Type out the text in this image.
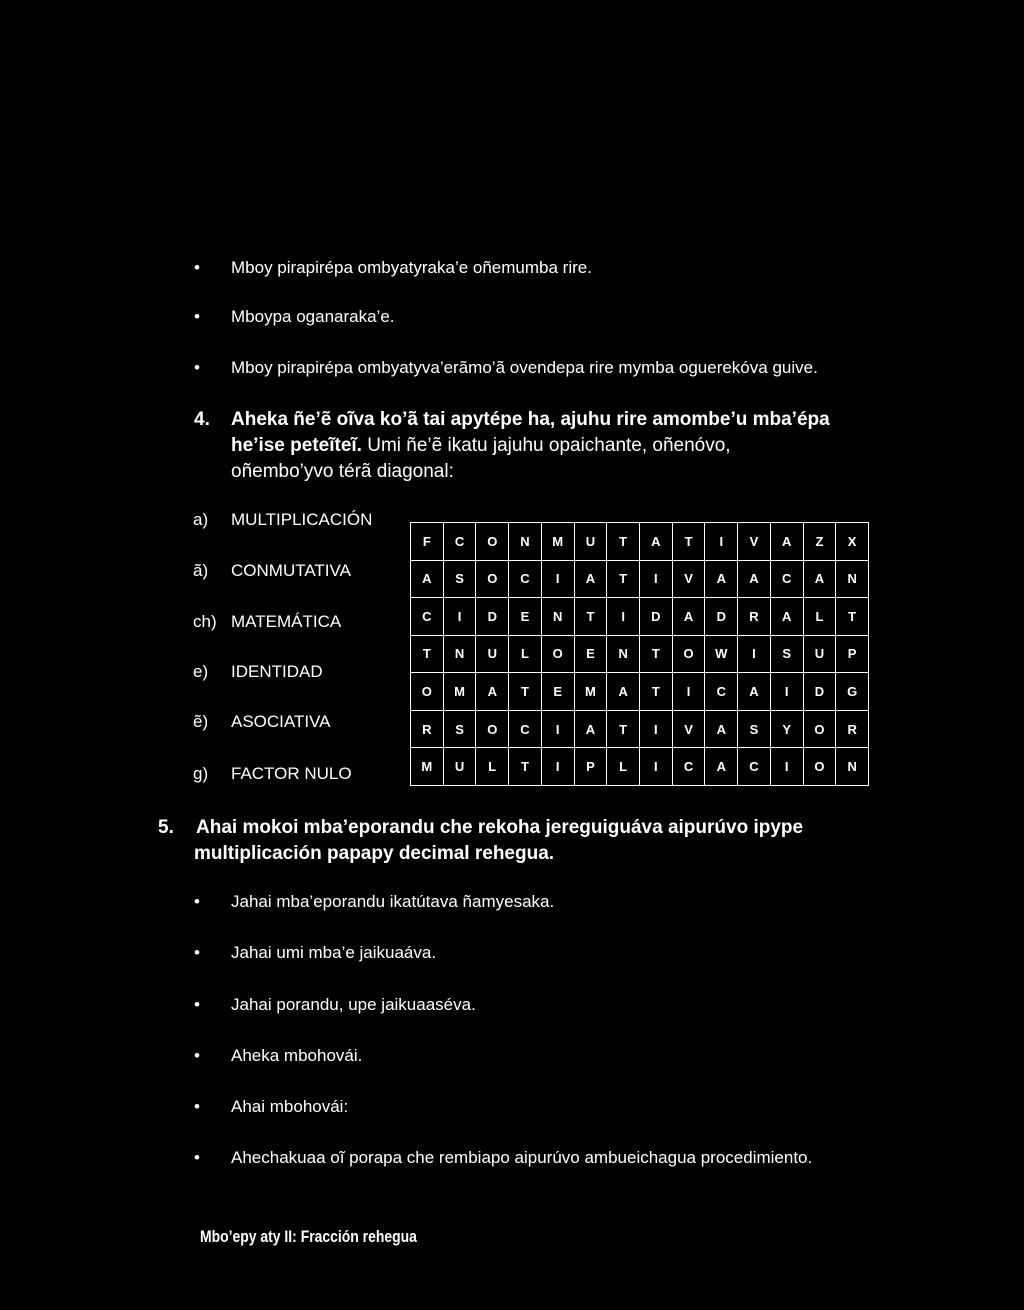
• Mboy pirapirépa ombyatyraka’e oñemumba rire.
• Mboypa oganaraka’e.
• Mboy pirapirépa ombyatyva’erãmo’ã ovendepa rire mymba oguerekóva guive.
4. Aheka ñe’ẽ oĩva ko’ã tai apytépe ha, ajuhu rire amombe’u mba’épa
he’ise peteĩteĩ. Umi ñe’ẽ ikatu jajuhu opaichante, oñenóvo,
oñembo’yvo térã diagonal:
a) MULTIPLICACIÓN
ã) CONMUTATIVA
ch) MATEMÁTICA
e) IDENTIDAD
ẽ) ASOCIATIVA
g) FACTOR NULO
F	C	O	N	M	U	T	A	T	I	V	A	Z	X
A	S	O	C	I	A	T	I	V	A	A	C	A	N
C	I	D	E	N	T	I	D	A	D	R	A	L	T
T	N	U	L	O	E	N	T	O	W	I	S	U	P
O	M	A	T	E	M	A	T	I	C	A	I	D	G
R	S	O	C	I	A	T	I	V	A	S	Y	O	R
M	U	L	T	I	P	L	I	C	A	C	I	O	N
5. Ahai mokoi mba’eporandu che rekoha jereguiguáva aipurúvo ipype
multiplicación papapy decimal rehegua.
• Jahai mba’eporandu ikatútava ñamyesaka.
• Jahai umi mba’e jaikuaáva.
• Jahai porandu, upe jaikuaaséva.
• Aheka mbohovái.
• Ahai mbohovái:
• Ahechakuaa oĩ porapa che rembiapo aipurúvo ambueichagua procedimiento.
Mbo’epy aty II: Fracción rehegua
